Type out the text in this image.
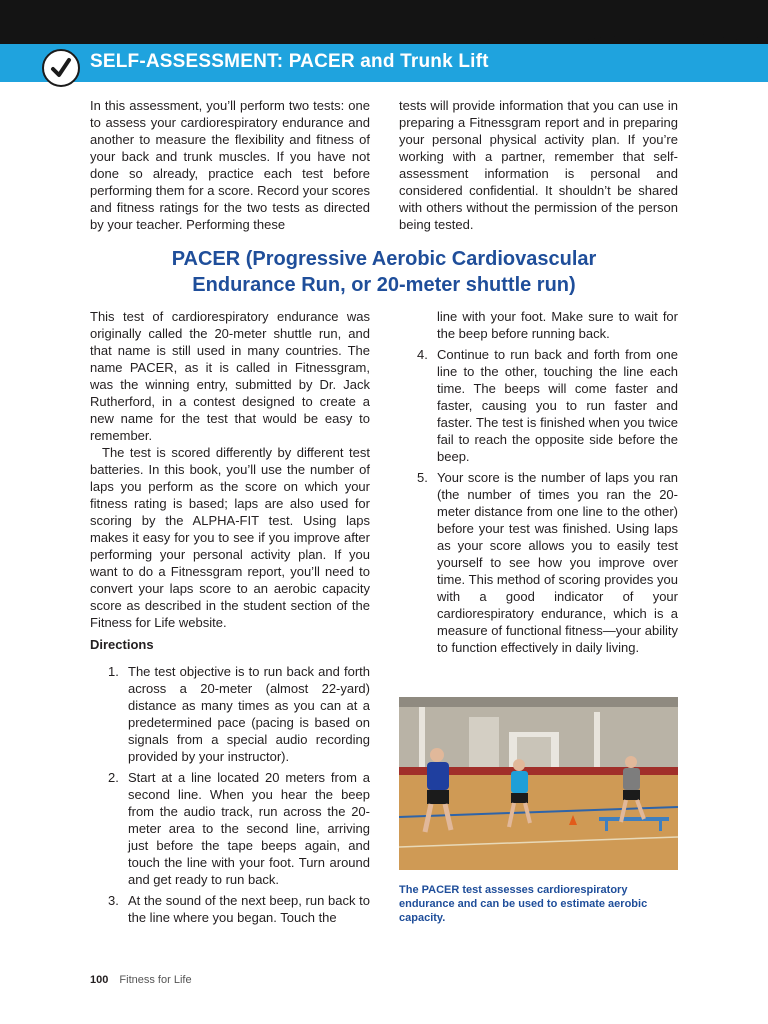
SELF-ASSESSMENT: PACER and Trunk Lift

In this assessment, you’ll perform two tests: one to assess your cardiorespiratory endurance and another to measure the flexibility and fitness of your back and trunk muscles. If you have not done so already, practice each test before performing them for a score. Record your scores and fitness ratings for the two tests as directed by your teacher. Performing these

tests will provide information that you can use in preparing a Fitnessgram report and in preparing your personal physical activity plan. If you’re working with a partner, remember that self-assessment information is personal and considered confidential. It shouldn’t be shared with others without the permission of the person being tested.

PACER (Progressive Aerobic Cardiovascular
Endurance Run, or 20-meter shuttle run)

This test of cardiorespiratory endurance was originally called the 20-meter shuttle run, and that name is still used in many countries. The name PACER, as it is called in Fitnessgram, was the winning entry, submitted by Dr. Jack Rutherford, in a contest designed to create a new name for the test that would be easy to remember.

The test is scored differently by different test batteries. In this book, you’ll use the number of laps you perform as the score on which your fitness rating is based; laps are also used for scoring by the ALPHA-FIT test. Using laps makes it easy for you to see if you improve after performing your personal activity plan. If you want to do a Fitnessgram report, you’ll need to convert your laps score to an aerobic capacity score as described in the student section of the Fitness for Life website.

Directions
1. The test objective is to run back and forth across a 20-meter (almost 22-yard) distance as many times as you can at a predetermined pace (pacing is based on signals from a special audio recording provided by your instructor).
2. Start at a line located 20 meters from a second line. When you hear the beep from the audio track, run across the 20-meter area to the second line, arriving just before the tape beeps again, and touch the line with your foot. Turn around and get ready to run back.
3. At the sound of the next beep, run back to the line where you began. Touch the
line with your foot. Make sure to wait for the beep before running back.
4. Continue to run back and forth from one line to the other, touching the line each time. The beeps will come faster and faster, causing you to run faster and faster. The test is finished when you twice fail to reach the opposite side before the beep.
5. Your score is the number of laps you ran (the number of times you ran the 20-meter distance from one line to the other) before your test was finished. Using laps as your score allows you to easily test yourself to see how you improve over time. This method of scoring provides you with a good indicator of your cardiorespiratory endurance, which is a measure of functional fitness—your ability to function effectively in daily living.
The PACER test assesses cardiorespiratory endurance and can be used to estimate aerobic capacity.
100 Fitness for Life
